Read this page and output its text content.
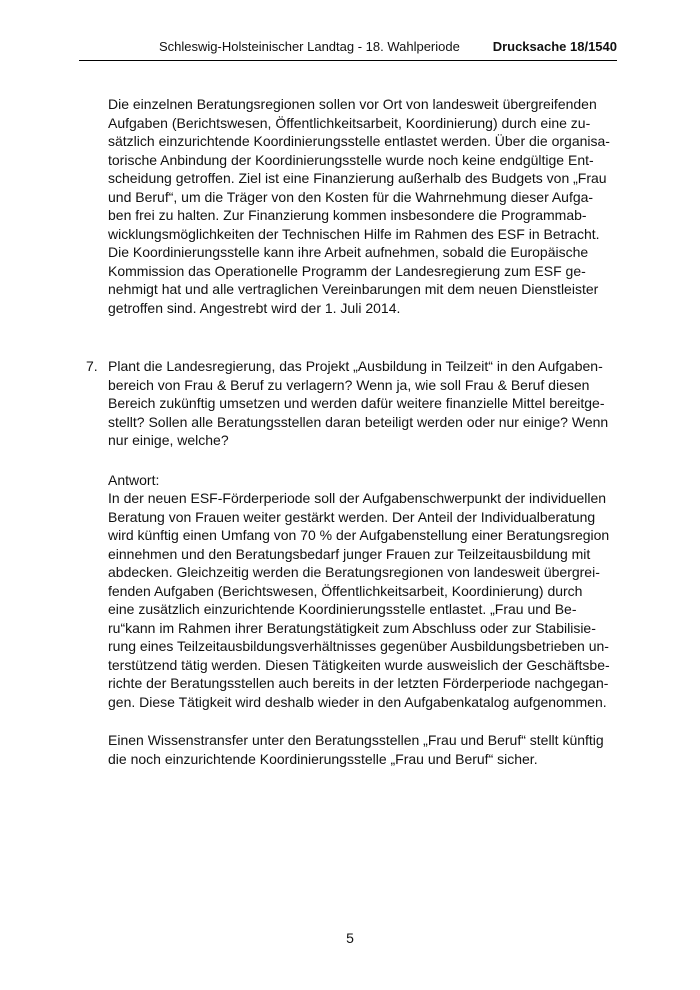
Schleswig-Holsteinischer Landtag - 18. Wahlperiode	Drucksache 18/1540
Die einzelnen Beratungsregionen sollen vor Ort von landesweit übergreifenden
Aufgaben (Berichtswesen, Öffentlichkeitsarbeit, Koordinierung) durch eine zu-
sätzlich einzurichtende Koordinierungsstelle entlastet werden. Über die organisa-
torische Anbindung der Koordinierungsstelle wurde noch keine endgültige Ent-
scheidung getroffen. Ziel ist eine Finanzierung außerhalb des Budgets von „Frau
und Beruf“, um die Träger von den Kosten für die Wahrnehmung dieser Aufga-
ben frei zu halten. Zur Finanzierung kommen insbesondere die Programmab-
wicklungsmöglichkeiten der Technischen Hilfe im Rahmen des ESF in Betracht.
Die Koordinierungsstelle kann ihre Arbeit aufnehmen, sobald die Europäische
Kommission das Operationelle Programm der Landesregierung zum ESF ge-
nehmigt hat und alle vertraglichen Vereinbarungen mit dem neuen Dienstleister
getroffen sind. Angestrebt wird der 1. Juli 2014.
7. Plant die Landesregierung, das Projekt „Ausbildung in Teilzeit“ in den Aufgaben-
bereich von Frau & Beruf zu verlagern? Wenn ja, wie soll Frau & Beruf diesen
Bereich zukünftig umsetzen und werden dafür weitere finanzielle Mittel bereitge-
stellt? Sollen alle Beratungsstellen daran beteiligt werden oder nur einige? Wenn
nur einige, welche?
Antwort:
In der neuen ESF-Förderperiode soll der Aufgabenschwerpunkt der individuellen
Beratung von Frauen weiter gestärkt werden. Der Anteil der Individualberatung
wird künftig einen Umfang von 70 % der Aufgabenstellung einer Beratungsregion
einnehmen und den Beratungsbedarf junger Frauen zur Teilzeitausbildung mit
abdecken. Gleichzeitig werden die Beratungsregionen von landesweit übergrei-
fenden Aufgaben (Berichtswesen, Öffentlichkeitsarbeit, Koordinierung) durch
eine zusätzlich einzurichtende Koordinierungsstelle entlastet. „Frau und Be-
ru“kann im Rahmen ihrer Beratungstätigkeit zum Abschluss oder zur Stabilisie-
rung eines Teilzeitausbildungsverhältnisses gegenüber Ausbildungsbetrieben un-
terstützend tätig werden. Diesen Tätigkeiten wurde ausweislich der Geschäftsbe-
richte der Beratungsstellen auch bereits in der letzten Förderperiode nachgegan-
gen. Diese Tätigkeit wird deshalb wieder in den Aufgabenkatalog aufgenommen.
Einen Wissenstransfer unter den Beratungsstellen „Frau und Beruf“ stellt künftig
die noch einzurichtende Koordinierungsstelle „Frau und Beruf“ sicher.
5
